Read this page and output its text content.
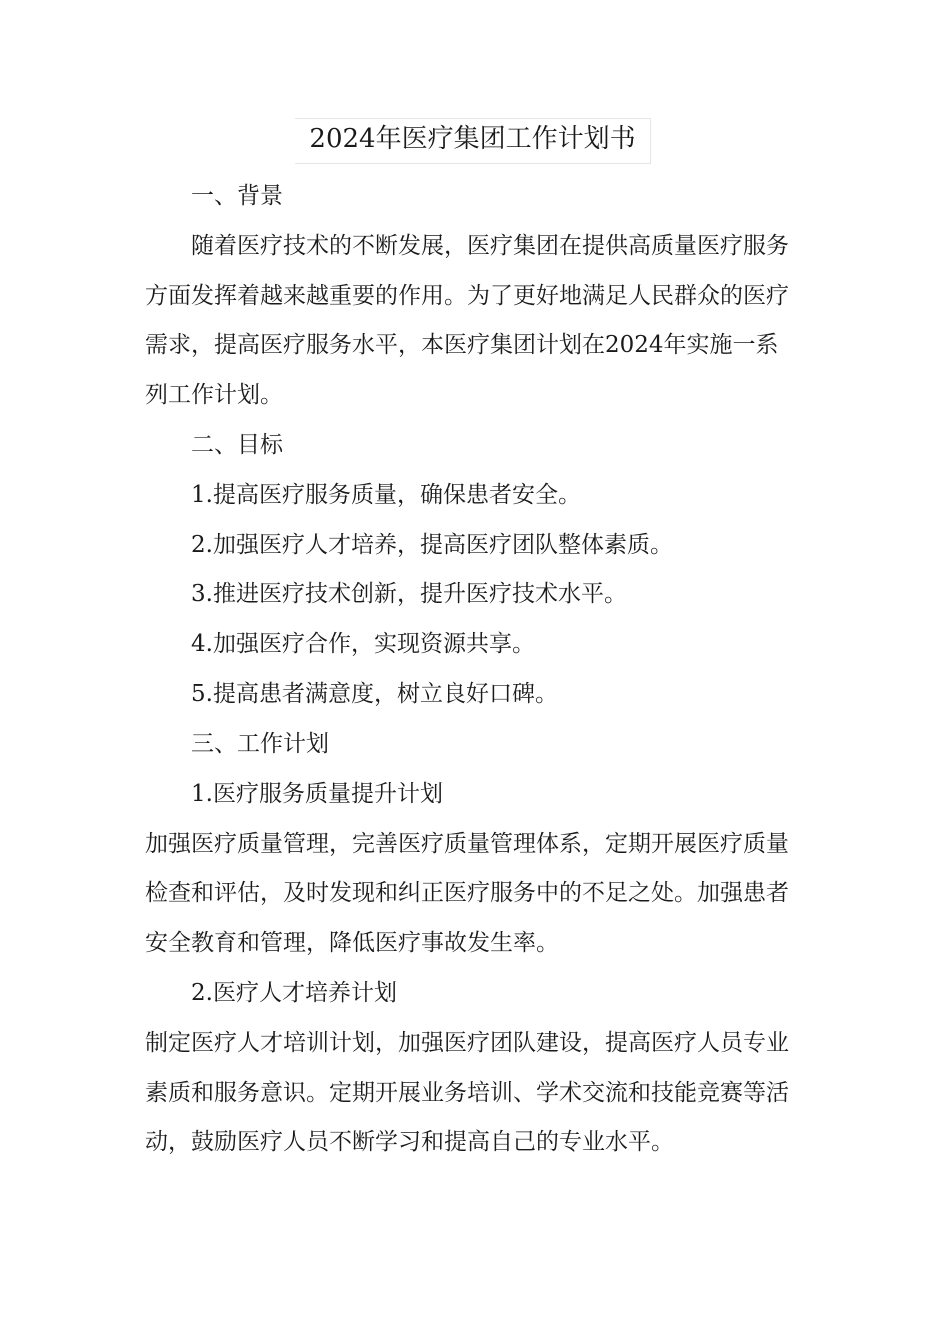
2024年医疗集团工作计划书
一、背景
随着医疗技术的不断发展，医疗集团在提供高质量医疗服务
方面发挥着越来越重要的作用。为了更好地满足人民群众的医疗
需求，提高医疗服务水平，本医疗集团计划在2024年实施一系
列工作计划。
二、目标
1.提高医疗服务质量，确保患者安全。
2.加强医疗人才培养，提高医疗团队整体素质。
3.推进医疗技术创新，提升医疗技术水平。
4.加强医疗合作，实现资源共享。
5.提高患者满意度，树立良好口碑。
三、工作计划
1.医疗服务质量提升计划
加强医疗质量管理，完善医疗质量管理体系，定期开展医疗质量
检查和评估，及时发现和纠正医疗服务中的不足之处。加强患者
安全教育和管理，降低医疗事故发生率。
2.医疗人才培养计划
制定医疗人才培训计划，加强医疗团队建设，提高医疗人员专业
素质和服务意识。定期开展业务培训、学术交流和技能竞赛等活
动，鼓励医疗人员不断学习和提高自己的专业水平。
